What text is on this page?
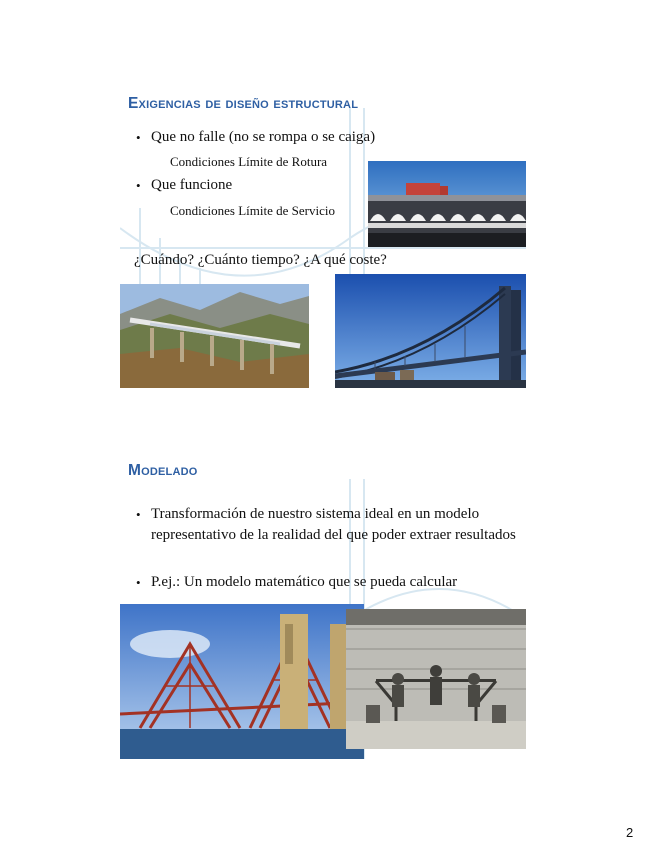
Exigencias de diseño estructural
• Que no falle (no se rompa o se caiga)
Condiciones Límite de Rotura
• Que funcione
Condiciones Límite de Servicio
¿Cuándo? ¿Cuánto tiempo? ¿A qué coste?
Modelado
• Transformación de nuestro sistema ideal en un modelo representativo de la realidad del que poder extraer resultados
• P.ej.: Un modelo matemático que se pueda calcular
2
